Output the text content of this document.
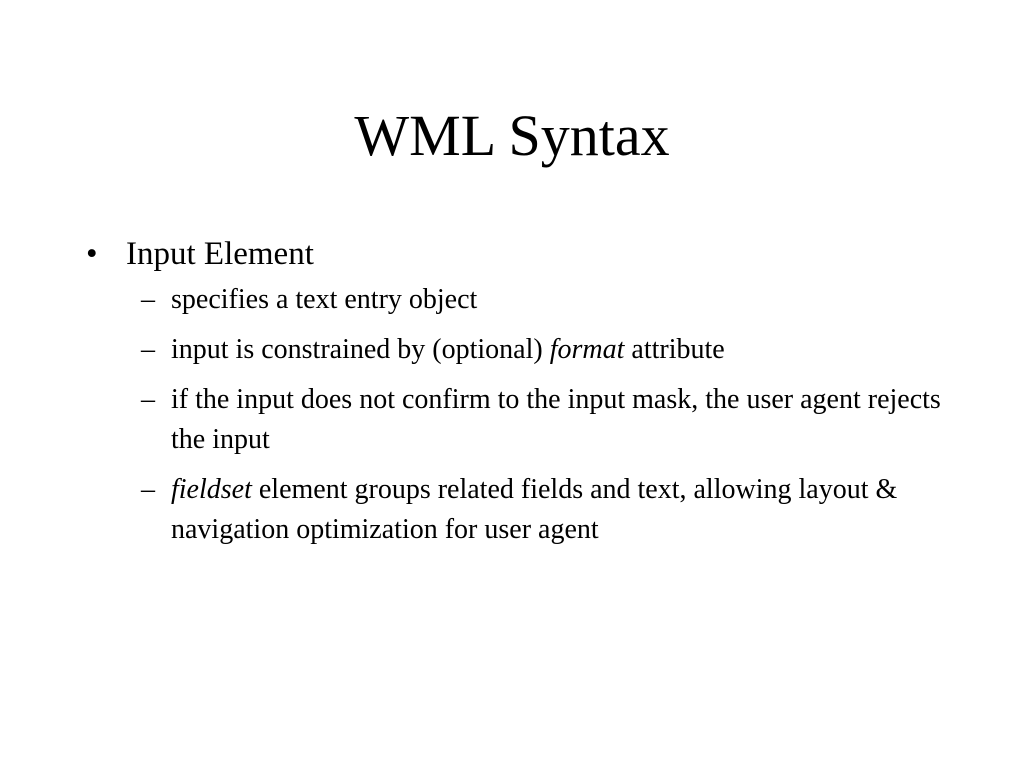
WML Syntax
• Input Element
– specifies a text entry object
– input is constrained by (optional) format attribute
– if the input does not confirm to the input mask, the user agent rejects the input
– fieldset element groups related fields and text, allowing layout & navigation optimization for user agent
